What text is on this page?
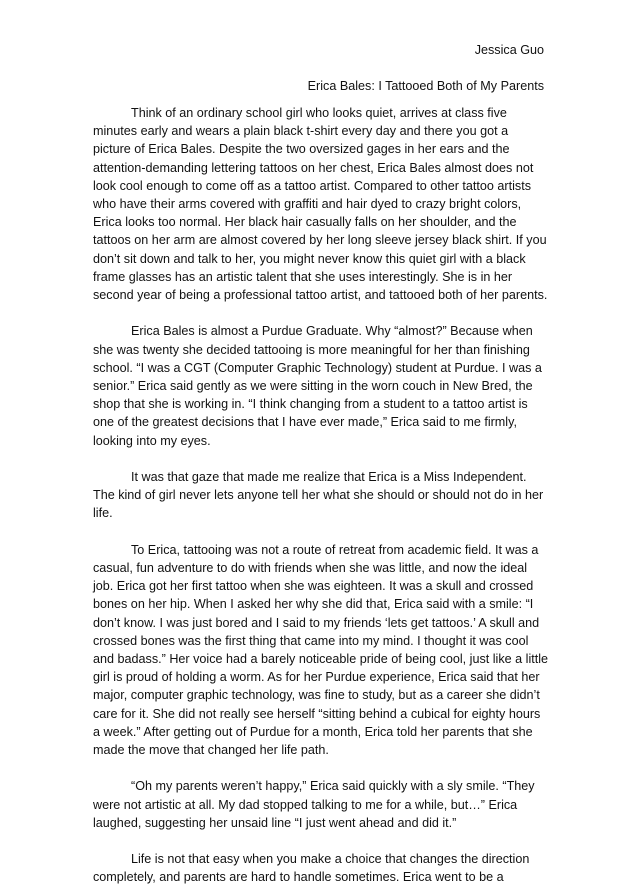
Jessica Guo
Erica Bales: I Tattooed Both of My Parents

Think of an ordinary school girl who looks quiet, arrives at class five minutes early and wears a plain black t-shirt every day and there you got a picture of Erica Bales. Despite the two oversized gages in her ears and the attention-demanding lettering tattoos on her chest, Erica Bales almost does not look cool enough to come off as a tattoo artist. Compared to other tattoo artists who have their arms covered with graffiti and hair dyed to crazy bright colors, Erica looks too normal. Her black hair casually falls on her shoulder, and the tattoos on her arm are almost covered by her long sleeve jersey black shirt. If you don’t sit down and talk to her, you might never know this quiet girl with a black frame glasses has an artistic talent that she uses interestingly. She is in her second year of being a professional tattoo artist, and tattooed both of her parents.

Erica Bales is almost a Purdue Graduate. Why “almost?” Because when she was twenty she decided tattooing is more meaningful for her than finishing school. “I was a CGT (Computer Graphic Technology) student at Purdue. I was a senior.” Erica said gently as we were sitting in the worn couch in New Bred, the shop that she is working in. “I think changing from a student to a tattoo artist is one of the greatest decisions that I have ever made,” Erica said to me firmly, looking into my eyes.

It was that gaze that made me realize that Erica is a Miss Independent. The kind of girl never lets anyone tell her what she should or should not do in her life.

To Erica, tattooing was not a route of retreat from academic field. It was a casual, fun adventure to do with friends when she was little, and now the ideal job. Erica got her first tattoo when she was eighteen. It was a skull and crossed bones on her hip. When I asked her why she did that, Erica said with a smile: “I don’t know. I was just bored and I said to my friends ‘lets get tattoos.’ A skull and crossed bones was the first thing that came into my mind. I thought it was cool and badass.” Her voice had a barely noticeable pride of being cool, just like a little girl is proud of holding a worm. As for her Purdue experience, Erica said that her major, computer graphic technology, was fine to study, but as a career she didn’t care for it. She did not really see herself “sitting behind a cubical for eighty hours a week.” After getting out of Purdue for a month, Erica told her parents that she made the move that changed her life path.

“Oh my parents weren’t happy,” Erica said quickly with a sly smile. “They were not artistic at all. My dad stopped talking to me for a while, but…” Erica laughed, suggesting her unsaid line “I just went ahead and did it.”

Life is not that easy when you make a choice that changes the direction completely, and parents are hard to handle sometimes. Erica went to be a
